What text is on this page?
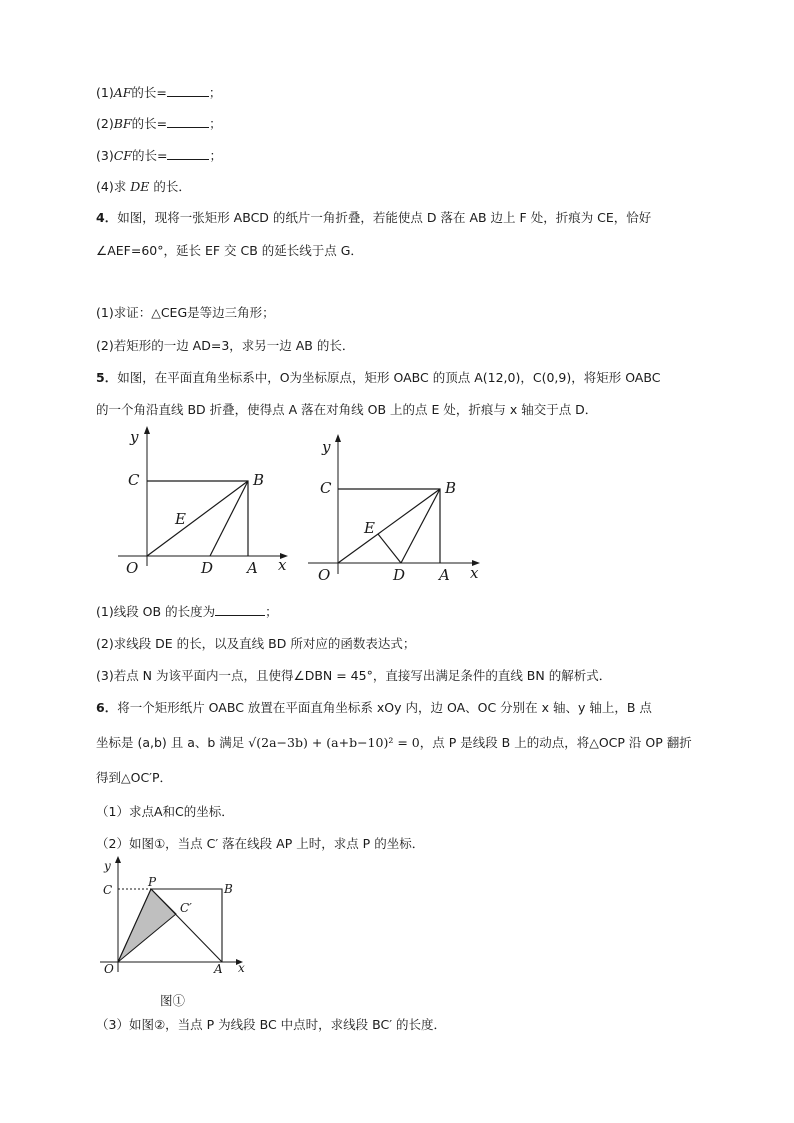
(1)AF的长=	；
(2)BF的长=	；
(3)CF的长=	；
(4)求 DE 的长．
4．如图，现将一张矩形 ABCD 的纸片一角折叠，若能使点 D 落在 AB 边上 F 处，折痕为 CE，恰好
∠AEF=60°，延长 EF 交 CB 的延长线于点 G．
(1)求证：△CEG是等边三角形；
(2)若矩形的一边 AD=3，求另一边 AB 的长．
5．如图，在平面直角坐标系中，O为坐标原点，矩形 OABC 的顶点 A(12,0)，C(0,9)，将矩形 OABC
的一个角沿直线 BD 折叠，使得点 A 落在对角线 OB 上的点 E 处，折痕与 x 轴交于点 D．
y
C	B
E
O	D A x
y
C	B
E
O	D A x
(1)线段 OB 的长度为	；
(2)求线段 DE 的长，以及直线 BD 所对应的函数表达式；
(3)若点 N 为该平面内一点，且使得∠DBN = 45°，直接写出满足条件的直线 BN 的解析式．
6．将一个矩形纸片 OABC 放置在平面直角坐标系 xOy 内，边 OA、OC 分别在 x 轴、y 轴上，B 点
坐标是 (a,b) 且 a、b 满足 √(2a−3b) + (a+b−10)² = 0，点 P 是线段 B 上的动点，将△OCP 沿 OP 翻折
得到△OC′P．
（1）求点A和C的坐标．
（2）如图①，当点 C′ 落在线段 AP 上时，求点 P 的坐标．
y
C
P	B
C′
O	A x
图①
（3）如图②，当点 P 为线段 BC 中点时，求线段 BC′ 的长度．
